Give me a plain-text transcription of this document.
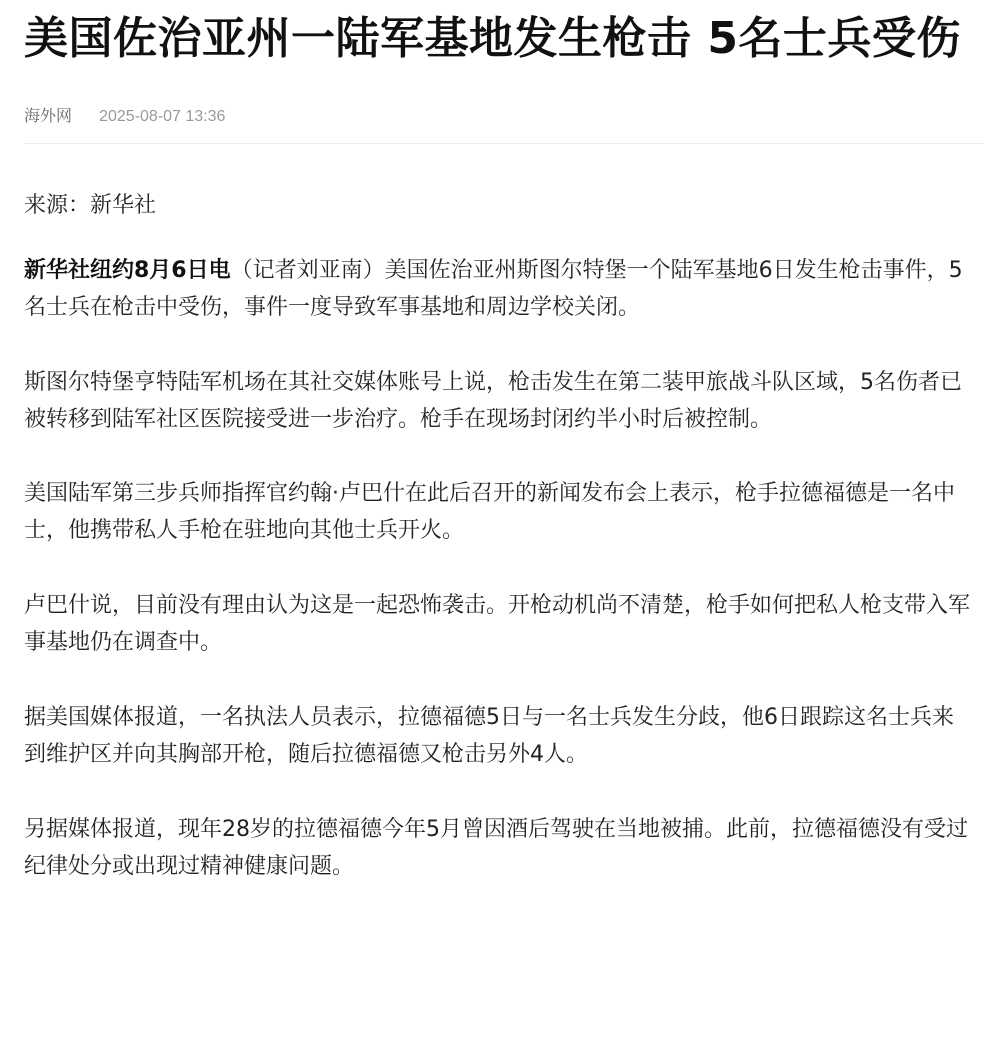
美国佐治亚州一陆军基地发生枪击 5名士兵受伤
海外网 2025-08-07 13:36
来源：新华社

新华社纽约8月6日电（记者刘亚南）美国佐治亚州斯图尔特堡一个陆军基地6日发生枪击事件，5名士兵在枪击中受伤，事件一度导致军事基地和周边学校关闭。

斯图尔特堡亨特陆军机场在其社交媒体账号上说，枪击发生在第二装甲旅战斗队区域，5名伤者已被转移到陆军社区医院接受进一步治疗。枪手在现场封闭约半小时后被控制。

美国陆军第三步兵师指挥官约翰·卢巴什在此后召开的新闻发布会上表示，枪手拉德福德是一名中士，他携带私人手枪在驻地向其他士兵开火。

卢巴什说，目前没有理由认为这是一起恐怖袭击。开枪动机尚不清楚，枪手如何把私人枪支带入军事基地仍在调查中。

据美国媒体报道，一名执法人员表示，拉德福德5日与一名士兵发生分歧，他6日跟踪这名士兵来到维护区并向其胸部开枪，随后拉德福德又枪击另外4人。

另据媒体报道，现年28岁的拉德福德今年5月曾因酒后驾驶在当地被捕。此前，拉德福德没有受过纪律处分或出现过精神健康问题。
